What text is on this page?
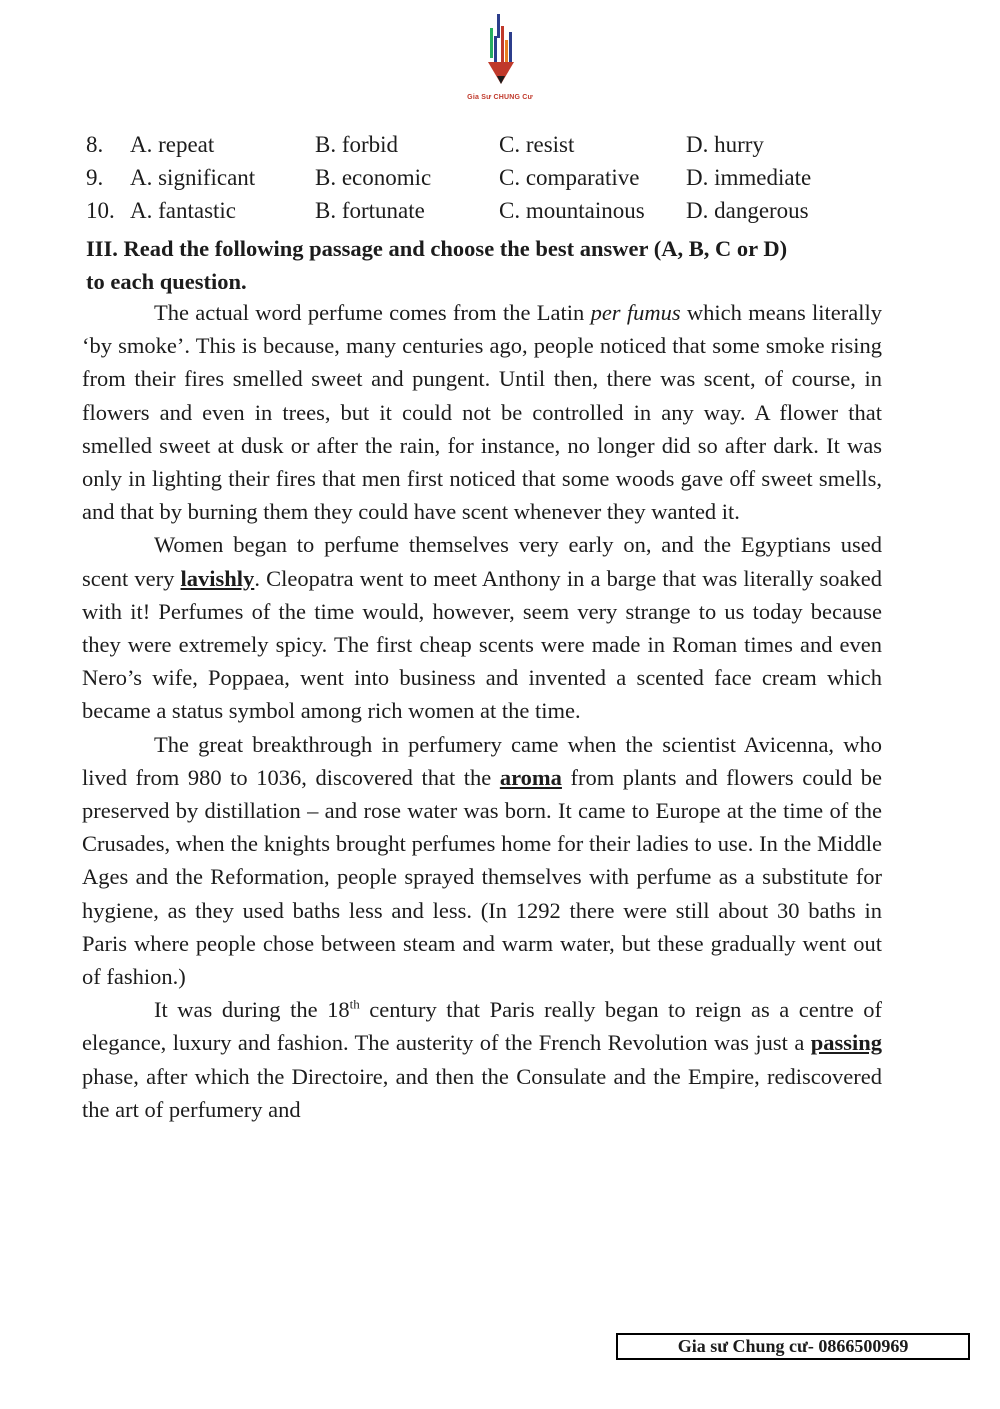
Gia Sư CHUNG Cư
8. A. repeat	B. forbid	C. resist	D. hurry
9. A. significant	B. economic	C. comparative D. immediate
10. A. fantastic	B. fortunate	C. mountainous D. dangerous
III. Read the following passage and choose the best answer (A, B, C or D)
to each question.

The actual word perfume comes from the Latin per fumus which means literally ‘by smoke’. This is because, many centuries ago, people noticed that some smoke rising from their fires smelled sweet and pungent. Until then, there was scent, of course, in flowers and even in trees, but it could not be controlled in any way. A flower that smelled sweet at dusk or after the rain, for instance, no longer did so after dark. It was only in lighting their fires that men first noticed that some woods gave off sweet smells, and that by burning them they could have scent whenever they wanted it.

Women began to perfume themselves very early on, and the Egyptians used scent very lavishly. Cleopatra went to meet Anthony in a barge that was literally soaked with it! Perfumes of the time would, however, seem very strange to us today because they were extremely spicy. The first cheap scents were made in Roman times and even Nero’s wife, Poppaea, went into business and invented a scented face cream which became a status symbol among rich women at the time.

The great breakthrough in perfumery came when the scientist Avicenna, who lived from 980 to 1036, discovered that the aroma from plants and flowers could be preserved by distillation – and rose water was born. It came to Europe at the time of the Crusades, when the knights brought perfumes home for their ladies to use. In the Middle Ages and the Reformation, people sprayed themselves with perfume as a substitute for hygiene, as they used baths less and less. (In 1292 there were still about 30 baths in Paris where people chose between steam and warm water, but these gradually went out of fashion.)

It was during the 18th century that Paris really began to reign as a centre of elegance, luxury and fashion. The austerity of the French Revolution was just a passing phase, after which the Directoire, and then the Consulate and the Empire, rediscovered the art of perfumery and

Gia sư Chung cư- 0866500969
